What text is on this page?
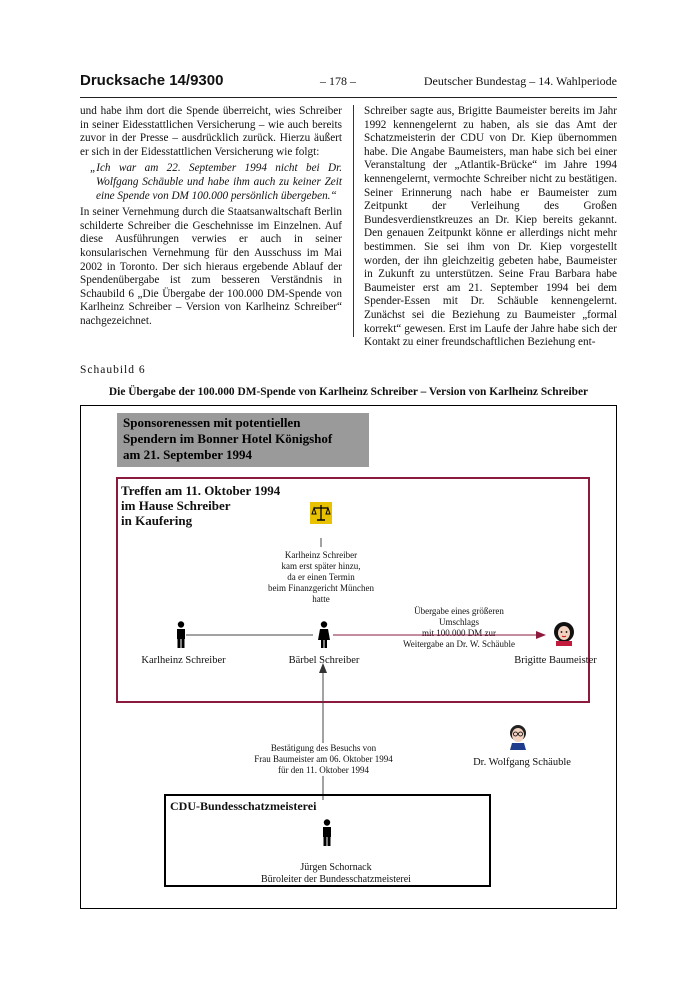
Drucksache 14/9300	– 178 –	Deutscher Bundestag – 14. Wahlperiode

und habe ihm dort die Spende überreicht, wies Schreiber in seiner Eidesstattlichen Versicherung – wie auch bereits zuvor in der Presse – ausdrücklich zurück. Hierzu äußert er sich in der Eidesstattlichen Versicherung wie folgt:

„Ich war am 22. September 1994 nicht bei Dr. Wolfgang Schäuble und habe ihm auch zu keiner Zeit eine Spende von DM 100.000 persönlich übergeben.“

In seiner Vernehmung durch die Staatsanwaltschaft Berlin schilderte Schreiber die Geschehnisse im Einzelnen. Auf diese Ausführungen verwies er auch in seiner konsularischen Vernehmung für den Ausschuss im Mai 2002 in Toronto. Der sich hieraus ergebende Ablauf der Spendenübergabe ist zum besseren Verständnis in Schaubild 6 „Die Übergabe der 100.000 DM-Spende von Karlheinz Schreiber – Version von Karlheinz Schreiber“ nachgezeichnet.

Schreiber sagte aus, Brigitte Baumeister bereits im Jahr 1992 kennengelernt zu haben, als sie das Amt der Schatzmeisterin der CDU von Dr. Kiep übernommen habe. Die Angabe Baumeisters, man habe sich bei einer Veranstaltung der „Atlantik-Brücke“ im Jahre 1994 kennengelernt, vermochte Schreiber nicht zu bestätigen. Seiner Erinnerung nach habe er Baumeister zum Zeitpunkt der Verleihung des Großen Bundesverdienstkreuzes an Dr. Kiep bereits gekannt. Den genauen Zeitpunkt könne er allerdings nicht mehr bestimmen. Sie sei ihm von Dr. Kiep vorgestellt worden, der ihn gleichzeitig gebeten habe, Baumeister in Zukunft zu unterstützen. Seine Frau Barbara habe Baumeister erst am 21. September 1994 bei dem Spender-Essen mit Dr. Schäuble kennengelernt. Zunächst sei die Beziehung zu Baumeister „formal korrekt“ gewesen. Erst im Laufe der Jahre habe sich der Kontakt zu einer freundschaftlichen Beziehung ent-

Schaubild 6
Die Übergabe der 100.000 DM-Spende von Karlheinz Schreiber – Version von Karlheinz Schreiber
Sponsorenessen mit potentiellen
Spendern im Bonner Hotel Königshof
am 21. September 1994
Treffen am 11. Oktober 1994
im Hause Schreiber
in Kaufering
Karlheinz Schreiber
kam erst später hinzu,
da er einen Termin
beim Finanzgericht München
hatte
Übergabe eines größeren
Umschlags
mit 100.000 DM zur
Weitergabe an Dr. W. Schäuble
Karlheinz Schreiber	Bärbel Schreiber	Brigitte Baumeister
Dr. Wolfgang Schäuble
Bestätigung des Besuchs von
Frau Baumeister am 06. Oktober 1994
für den 11. Oktober 1994
CDU-Bundesschatzmeisterei
Jürgen Schornack
Büroleiter der Bundesschatzmeisterei
